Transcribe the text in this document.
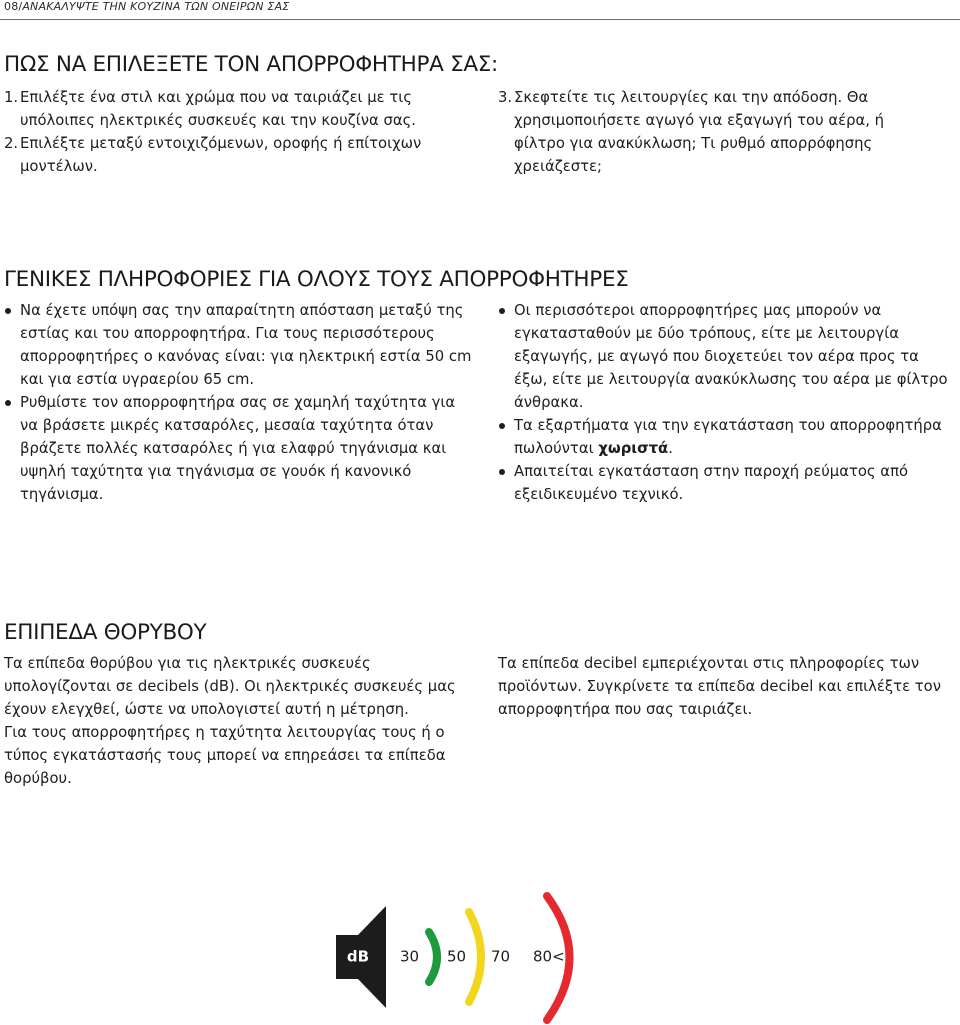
08/ΑΝΑΚΑΛΥΨΤΕ ΤΗΝ ΚΟΥΖΙΝΑ ΤΩΝ ΟΝΕΙΡΩΝ ΣΑΣ
ΠΩΣ ΝΑ ΕΠΙΛΕΞΕΤΕ ΤΟΝ ΑΠΟΡΡΟΦΗΤΗΡΑ ΣΑΣ:
1. Επιλέξτε ένα στιλ και χρώμα που να ταιριάζει με τις υπόλοιπες ηλεκτρικές συσκευές και την κουζίνα σας.
2. Επιλέξτε μεταξύ εντοιχιζόμενων, οροφής ή επίτοιχων μοντέλων.
3. Σκεφτείτε τις λειτουργίες και την απόδοση. Θα χρησιμοποιήσετε αγωγό για εξαγωγή του αέρα, ή φίλτρο για ανακύκλωση; Τι ρυθμό απορρόφησης χρειάζεστε;
ΓΕΝΙΚΕΣ ΠΛΗΡΟΦΟΡΙΕΣ ΓΙΑ ΟΛΟΥΣ ΤΟΥΣ ΑΠΟΡΡΟΦΗΤΗΡΕΣ
Να έχετε υπόψη σας την απαραίτητη απόσταση μεταξύ της εστίας και του απορροφητήρα. Για τους περισσότερους απορροφητήρες ο κανόνας είναι: για ηλεκτρική εστία 50 cm και για εστία υγραερίου 65 cm.
Ρυθμίστε τον απορροφητήρα σας σε χαμηλή ταχύτητα για να βράσετε μικρές κατσαρόλες, μεσαία ταχύτητα όταν βράζετε πολλές κατσαρόλες ή για ελαφρύ τηγάνισμα και υψηλή ταχύτητα για τηγάνισμα σε γουόκ ή κανονικό τηγάνισμα.
Οι περισσότεροι απορροφητήρες μας μπορούν να εγκατασταθούν με δύο τρόπους, είτε με λειτουργία εξαγωγής, με αγωγό που διοχετεύει τον αέρα προς τα έξω, είτε με λειτουργία ανακύκλωσης του αέρα με φίλτρο άνθρακα.
Τα εξαρτήματα για την εγκατάσταση του απορροφητήρα πωλούνται χωριστά.
Απαιτείται εγκατάσταση στην παροχή ρεύματος από εξειδικευμένο τεχνικό.
ΕΠΙΠΕΔΑ ΘΟΡΥΒΟΥ

Τα επίπεδα θορύβου για τις ηλεκτρικές συσκευές υπολογίζονται σε decibels (dB). Οι ηλεκτρικές συσκευές μας έχουν ελεγχθεί, ώστε να υπολογιστεί αυτή η μέτρηση.

Για τους απορροφητήρες η ταχύτητα λειτουργίας τους ή ο τύπος εγκατάστασής τους μπορεί να επηρεάσει τα επίπεδα θορύβου.

Τα επίπεδα decibel εμπεριέχονται στις πληροφορίες των προϊόντων. Συγκρίνετε τα επίπεδα decibel και επιλέξτε τον απορροφητήρα που σας ταιριάζει.

dB 30 50 70 80<
